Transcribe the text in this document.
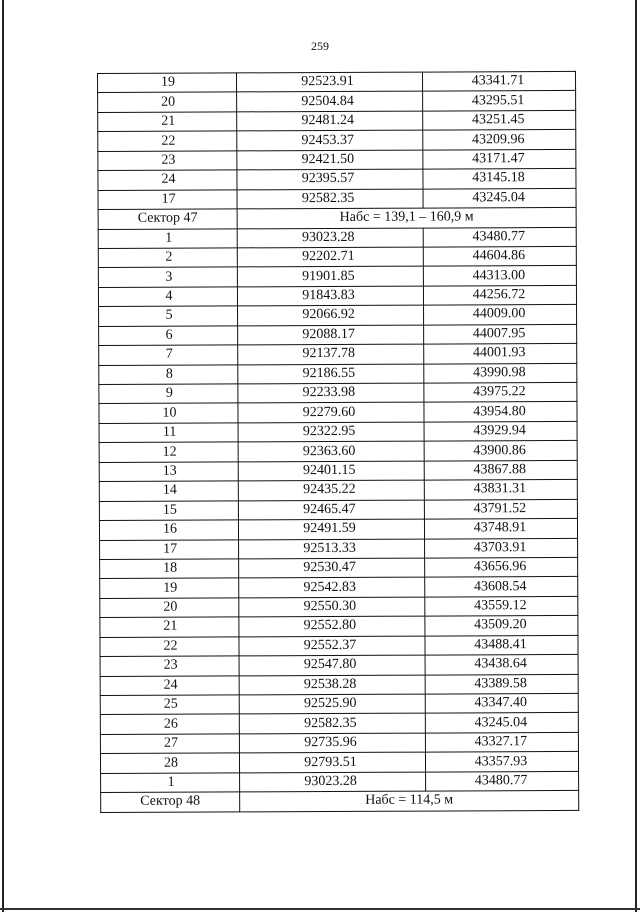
259
19	92523.91	43341.71
20	92504.84	43295.51
21	92481.24	43251.45
22	92453.37	43209.96
23	92421.50	43171.47
24	92395.57	43145.18
17	92582.35	43245.04
Сектор 47	Набс = 139,1 – 160,9 м	
1	93023.28	43480.77
2	92202.71	44604.86
3	91901.85	44313.00
4	91843.83	44256.72
5	92066.92	44009.00
6	92088.17	44007.95
7	92137.78	44001.93
8	92186.55	43990.98
9	92233.98	43975.22
10	92279.60	43954.80
11	92322.95	43929.94
12	92363.60	43900.86
13	92401.15	43867.88
14	92435.22	43831.31
15	92465.47	43791.52
16	92491.59	43748.91
17	92513.33	43703.91
18	92530.47	43656.96
19	92542.83	43608.54
20	92550.30	43559.12
21	92552.80	43509.20
22	92552.37	43488.41
23	92547.80	43438.64
24	92538.28	43389.58
25	92525.90	43347.40
26	92582.35	43245.04
27	92735.96	43327.17
28	92793.51	43357.93
1	93023.28	43480.77
Сектор 48	Набс = 114,5 м	
